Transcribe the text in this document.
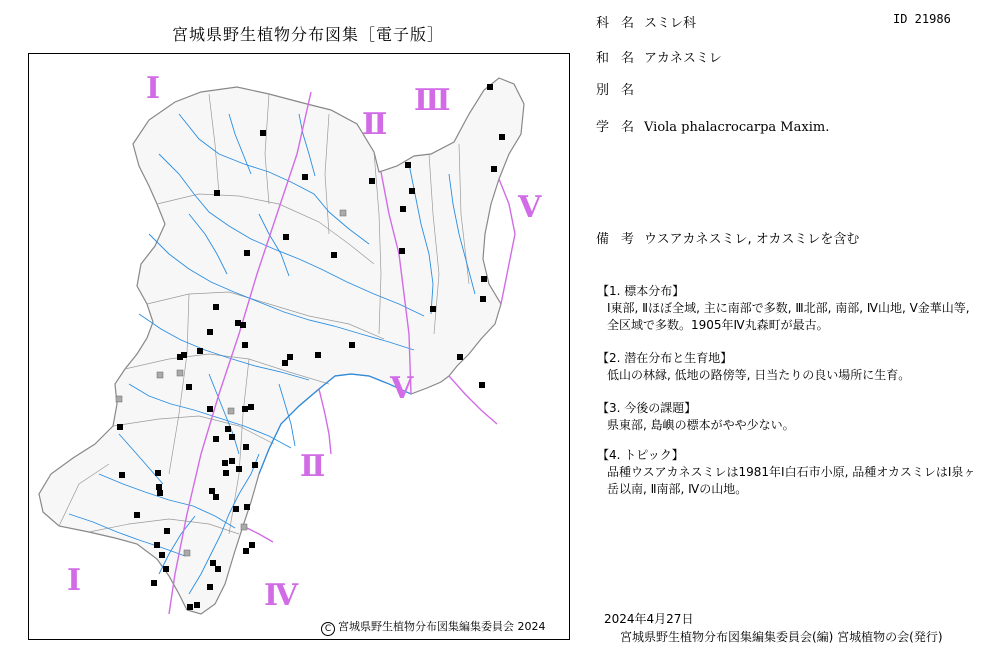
宮城県野生植物分布図集［電子版］
Ⅰ
Ⅱ
Ⅲ
Ⅴ
Ⅴ
Ⅱ
Ⅰ	Ⅳ
C 宮城県野生植物分布図集編集委員会 2024
ID 21986
科名スミレ科
和名アカネスミレ
別名
学名Viola phalacrocarpa Maxim.
備考ウスアカネスミレ, オカスミレを含む
【1. 標本分布】
Ⅰ東部, Ⅱほぼ全域, 主に南部で多数, Ⅲ北部, 南部, Ⅳ山地, Ⅴ金華山等, 全区域で多数。1905年Ⅳ丸森町が最古。
【2. 潜在分布と生育地】
低山の林縁, 低地の路傍等, 日当たりの良い場所に生育。
【3. 今後の課題】
県東部, 島嶼の標本がやや少ない。
【4. トピック】
品種ウスアカネスミレは1981年Ⅰ白石市小原, 品種オカスミレはⅠ泉ヶ岳以南, Ⅱ南部, Ⅳの山地。
2024年4月27日
宮城県野生植物分布図集編集委員会(編) 宮城植物の会(発行)
